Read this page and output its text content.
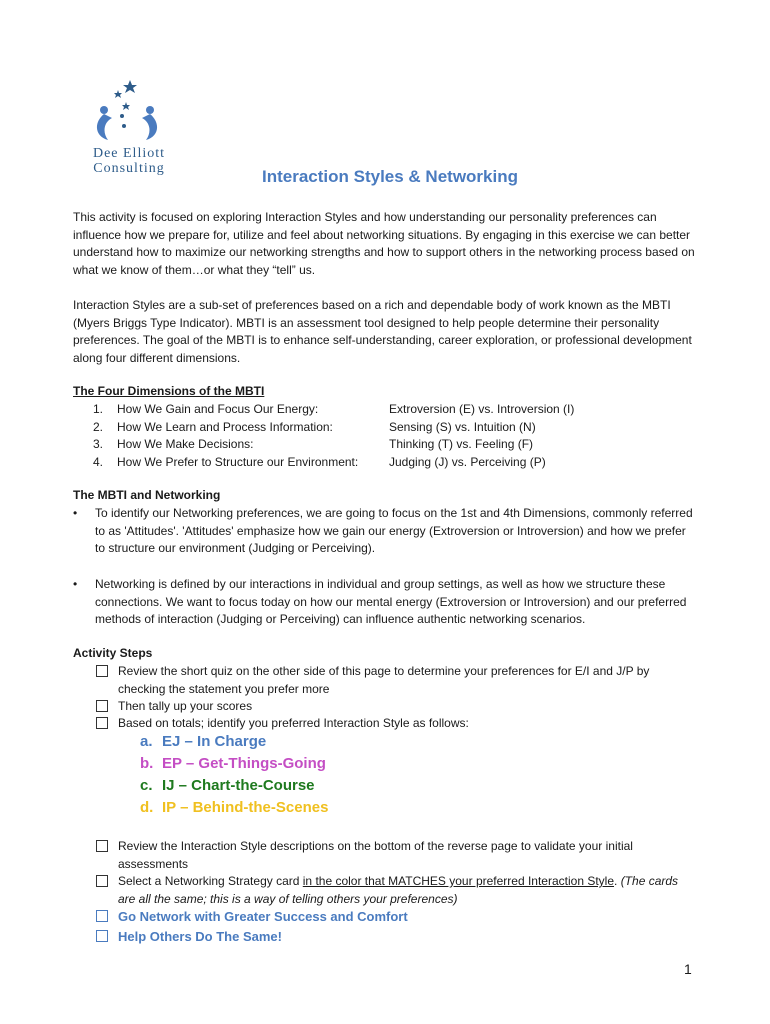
Dee Elliott
Consulting	Interaction Styles & Networking
This activity is focused on exploring Interaction Styles and how understanding our personality preferences can influence how we prepare for, utilize and feel about networking situations. By engaging in this exercise we can better understand how to maximize our networking strengths and how to support others in the networking process based on what we know of them…or what they “tell” us.
Interaction Styles are a sub-set of preferences based on a rich and dependable body of work known as the MBTI (Myers Briggs Type Indicator). MBTI is an assessment tool designed to help people determine their personality preferences. The goal of the MBTI is to enhance self-understanding, career exploration, or professional development along four different dimensions.
The Four Dimensions of the MBTI
1.	How We Gain and Focus Our Energy:	Extroversion (E) vs. Introversion (I)
2.	How We Learn and Process Information:	Sensing (S) vs. Intuition (N)
3.	How We Make Decisions:	Thinking (T) vs. Feeling (F)
4.	How We Prefer to Structure our Environment:	Judging (J) vs. Perceiving (P)
The MBTI and Networking
•	To identify our Networking preferences, we are going to focus on the 1st and 4th Dimensions, commonly referred to as 'Attitudes'. 'Attitudes' emphasize how we gain our energy (Extroversion or Introversion) and how we prefer to structure our environment (Judging or Perceiving).
•	Networking is defined by our interactions in individual and group settings, as well as how we structure these connections. We want to focus today on how our mental energy (Extroversion or Introversion) and our preferred methods of interaction (Judging or Perceiving) can influence authentic networking scenarios.
Activity Steps
Review the short quiz on the other side of this page to determine your preferences for E/I and J/P by checking the statement you prefer more
Then tally up your scores
Based on totals; identify you preferred Interaction Style as follows:
a. EJ – In Charge
b. EP – Get-Things-Going
c. IJ – Chart-the-Course
d. IP – Behind-the-Scenes
Review the Interaction Style descriptions on the bottom of the reverse page to validate your initial assessments
Select a Networking Strategy card in the color that MATCHES your preferred Interaction Style. (The cards are all the same; this is a way of telling others your preferences)
Go Network with Greater Success and Comfort
Help Others Do The Same!
1
